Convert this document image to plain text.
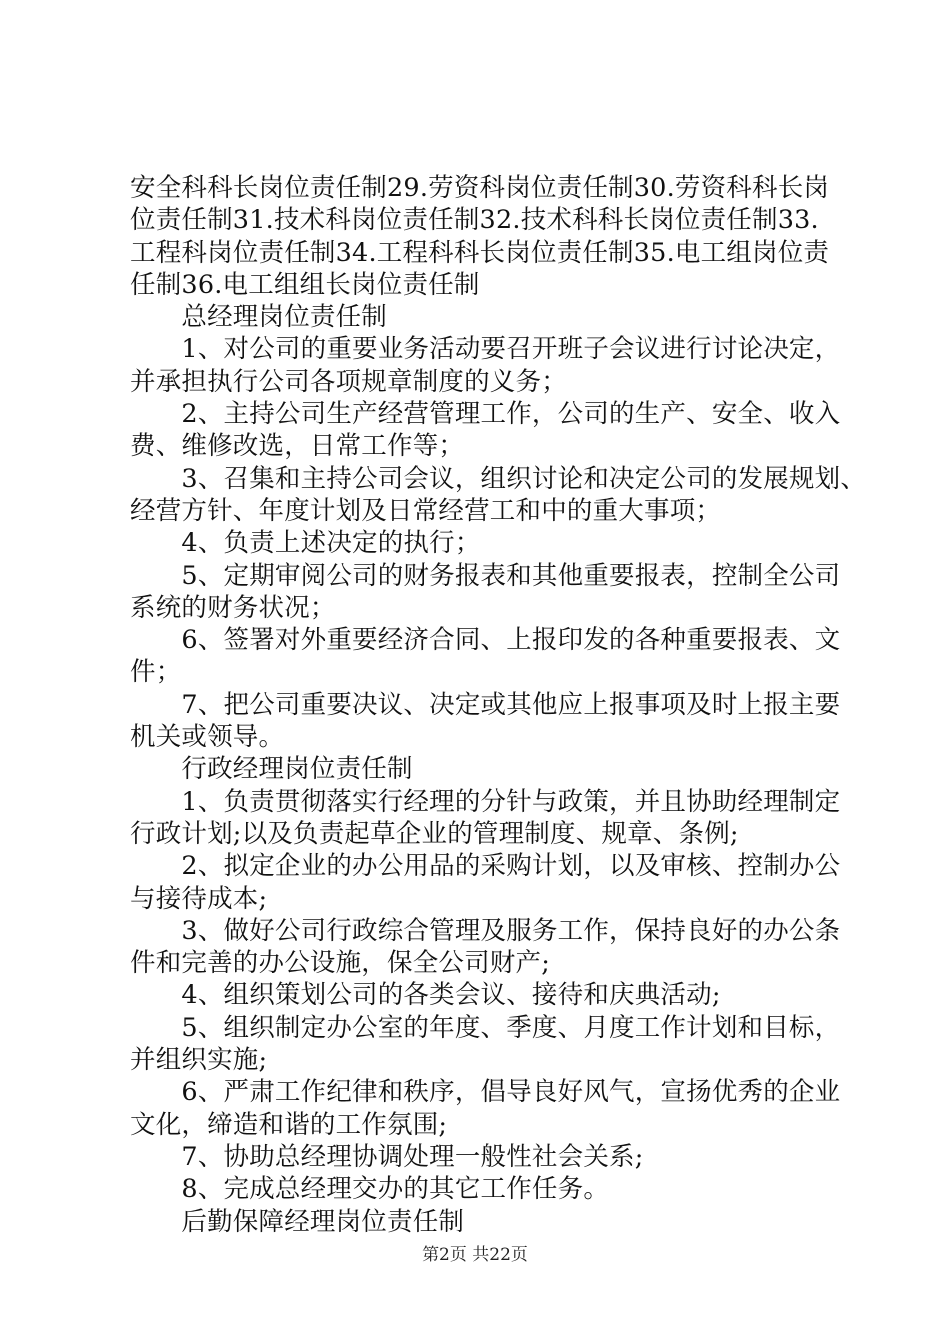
安全科科长岗位责任制29.劳资科岗位责任制30.劳资科科长岗
位责任制31.技术科岗位责任制32.技术科科长岗位责任制33.
工程科岗位责任制34.工程科科长岗位责任制35.电工组岗位责
任制36.电工组组长岗位责任制
　　总经理岗位责任制
　　1、对公司的重要业务活动要召开班子会议进行讨论决定，
并承担执行公司各项规章制度的义务；
　　2、主持公司生产经营管理工作，公司的生产、安全、收入
费、维修改选，日常工作等；
　　3、召集和主持公司会议，组织讨论和决定公司的发展规划、
经营方针、年度计划及日常经营工和中的重大事项；
　　4、负责上述决定的执行；
　　5、定期审阅公司的财务报表和其他重要报表，控制全公司
系统的财务状况；
　　6、签署对外重要经济合同、上报印发的各种重要报表、文
件；
　　7、把公司重要决议、决定或其他应上报事项及时上报主要
机关或领导。
　　行政经理岗位责任制
　　1、负责贯彻落实行经理的分针与政策，并且协助经理制定
行政计划;以及负责起草企业的管理制度、规章、条例;
　　2、拟定企业的办公用品的采购计划，以及审核、控制办公
与接待成本;
　　3、做好公司行政综合管理及服务工作，保持良好的办公条
件和完善的办公设施，保全公司财产;
　　4、组织策划公司的各类会议、接待和庆典活动;
　　5、组织制定办公室的年度、季度、月度工作计划和目标，
并组织实施;
　　6、严肃工作纪律和秩序，倡导良好风气，宣扬优秀的企业
文化，缔造和谐的工作氛围;
　　7、协助总经理协调处理一般性社会关系;
　　8、完成总经理交办的其它工作任务。
　　后勤保障经理岗位责任制
第2页 共22页
